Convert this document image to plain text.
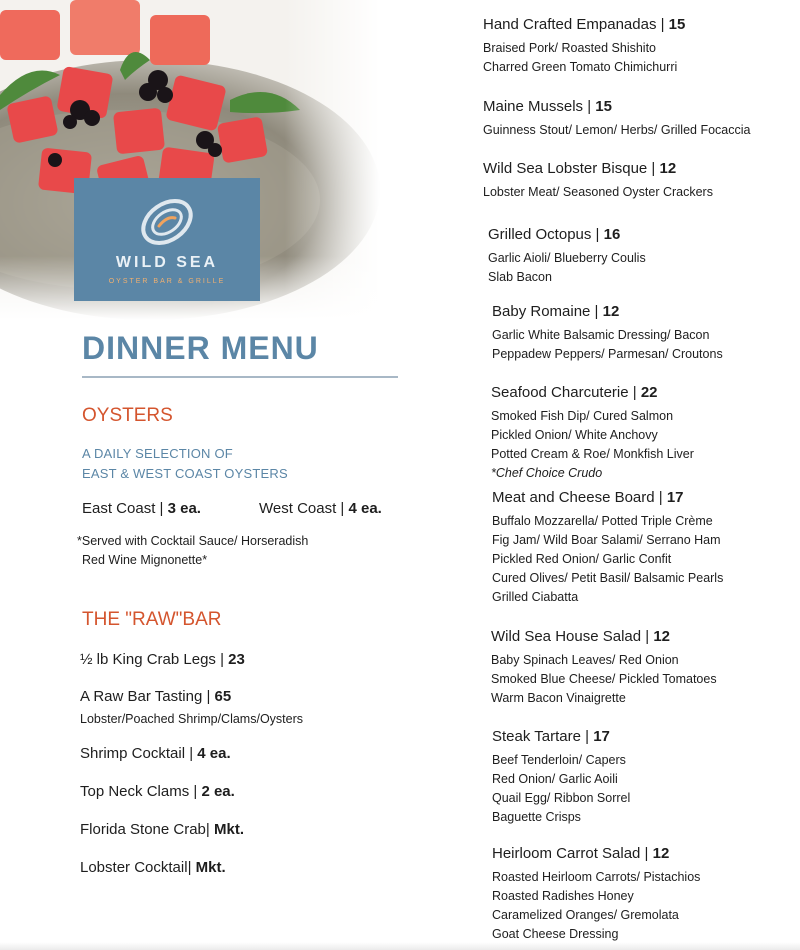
WILD SEA
OYSTER BAR & GRILLE
DINNER MENU
OYSTERS
A DAILY SELECTION OF
EAST & WEST COAST OYSTERS
East Coast | 3 ea.	West Coast | 4 ea.
*Served with Cocktail Sauce/ Horseradish
Red Wine Mignonette*
THE "RAW"BAR
½ lb King Crab Legs | 23
A Raw Bar Tasting | 65
Lobster/Poached Shrimp/Clams/Oysters
Shrimp Cocktail | 4 ea.
Top Neck Clams | 2 ea.
Florida Stone Crab| Mkt.
Lobster Cocktail| Mkt.
Hand Crafted Empanadas | 15
Braised Pork/ Roasted Shishito
Charred Green Tomato Chimichurri
Maine Mussels | 15
Guinness Stout/ Lemon/ Herbs/ Grilled Focaccia
Wild Sea Lobster Bisque | 12
Lobster Meat/ Seasoned Oyster Crackers
Grilled Octopus | 16
Garlic Aioli/ Blueberry Coulis
Slab Bacon
Baby Romaine | 12
Garlic White Balsamic Dressing/ Bacon
Peppadew Peppers/ Parmesan/ Croutons
Seafood Charcuterie | 22
Smoked Fish Dip/ Cured Salmon
Pickled Onion/ White Anchovy
Potted Cream & Roe/ Monkfish Liver
*Chef Choice Crudo
Meat and Cheese Board | 17
Buffalo Mozzarella/ Potted Triple Crème
Fig Jam/ Wild Boar Salami/ Serrano Ham
Pickled Red Onion/ Garlic Confit
Cured Olives/ Petit Basil/ Balsamic Pearls
Grilled Ciabatta
Wild Sea House Salad | 12
Baby Spinach Leaves/ Red Onion
Smoked Blue Cheese/ Pickled Tomatoes
Warm Bacon Vinaigrette
Steak Tartare | 17
Beef Tenderloin/ Capers
Red Onion/ Garlic Aoili
Quail Egg/ Ribbon Sorrel
Baguette Crisps
Heirloom Carrot Salad | 12
Roasted Heirloom Carrots/ Pistachios
Roasted Radishes Honey
Caramelized Oranges/ Gremolata
Goat Cheese Dressing
